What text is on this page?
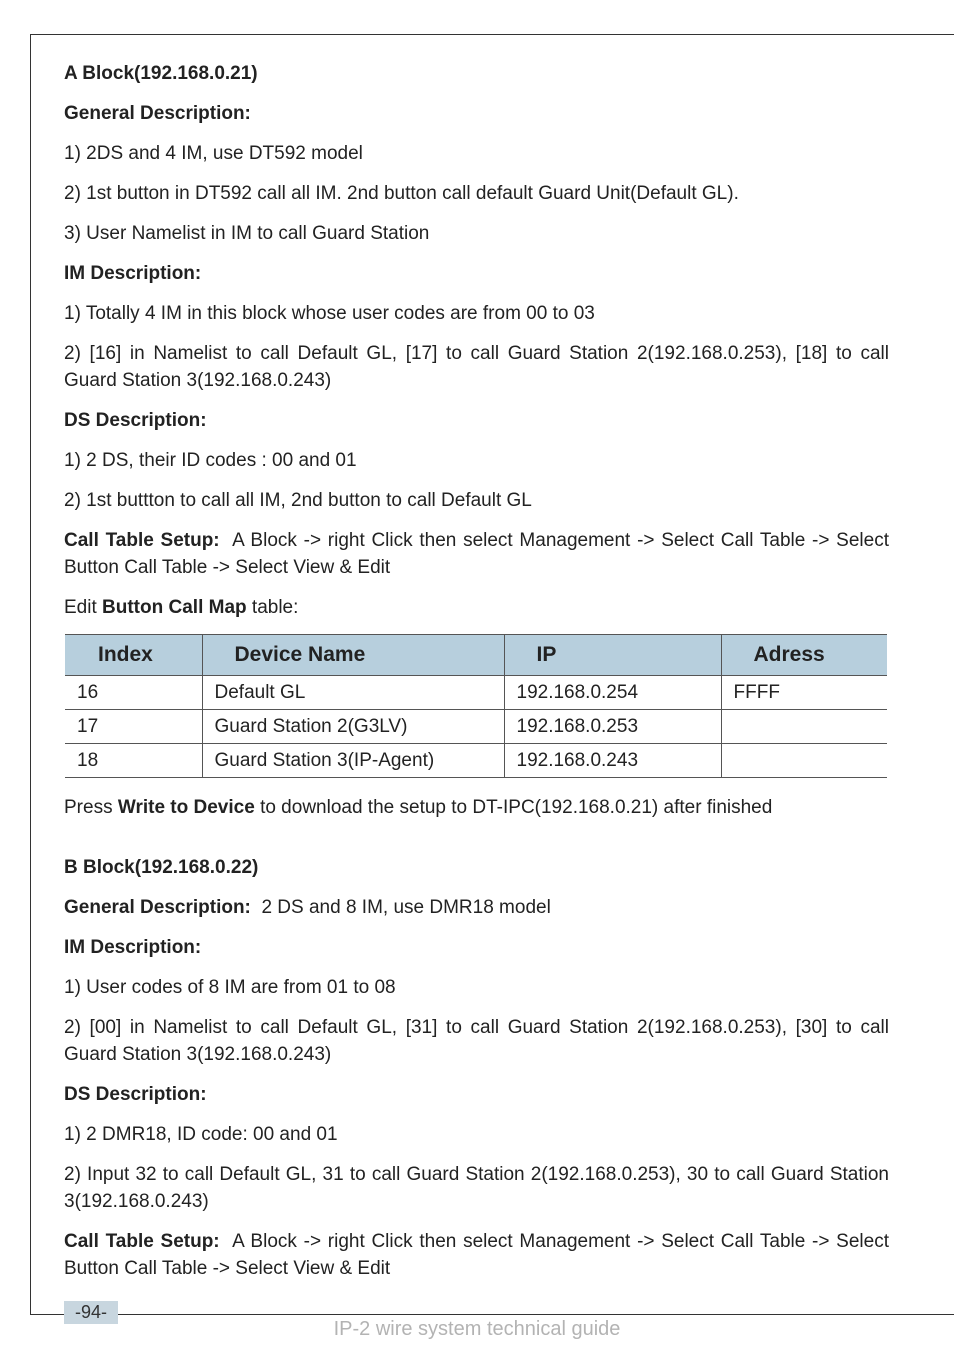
A Block(192.168.0.21)

General Description:

1) 2DS and 4 IM, use DT592 model

2) 1st button in DT592 call all IM. 2nd button call default Guard Unit(Default GL).

3) User Namelist in IM to call Guard Station

IM Description:

1) Totally 4 IM in this block whose user codes are from 00 to 03

2) [16] in Namelist to call Default GL, [17] to call Guard Station 2(192.168.0.253), [18] to call Guard Station 3(192.168.0.243)

DS Description:

1) 2 DS, their ID codes : 00 and 01

2) 1st buttton to call all IM, 2nd button to call Default GL

Call Table Setup: A Block -> right Click then select Management -> Select Call Table -> Select Button Call Table -> Select View & Edit

Edit Button Call Map table:

Index	Device Name	IP	Adress
16	Default GL	192.168.0.254	FFFF
17	Guard Station 2(G3LV)	192.168.0.253	
18	Guard Station 3(IP-Agent)	192.168.0.243	

Press Write to Device to download the setup to DT-IPC(192.168.0.21) after finished

B Block(192.168.0.22)

General Description: 2 DS and 8 IM, use DMR18 model

IM Description:

1) User codes of 8 IM are from 01 to 08

2) [00] in Namelist to call Default GL, [31] to call Guard Station 2(192.168.0.253), [30] to call Guard Station 3(192.168.0.243)

DS Description:

1) 2 DMR18, ID code: 00 and 01

2) Input 32 to call Default GL, 31 to call Guard Station 2(192.168.0.253), 30 to call Guard Station 3(192.168.0.243)

Call Table Setup: A Block -> right Click then select Management -> Select Call Table -> Select Button Call Table -> Select View & Edit

-94-
IP-2 wire system technical guide
